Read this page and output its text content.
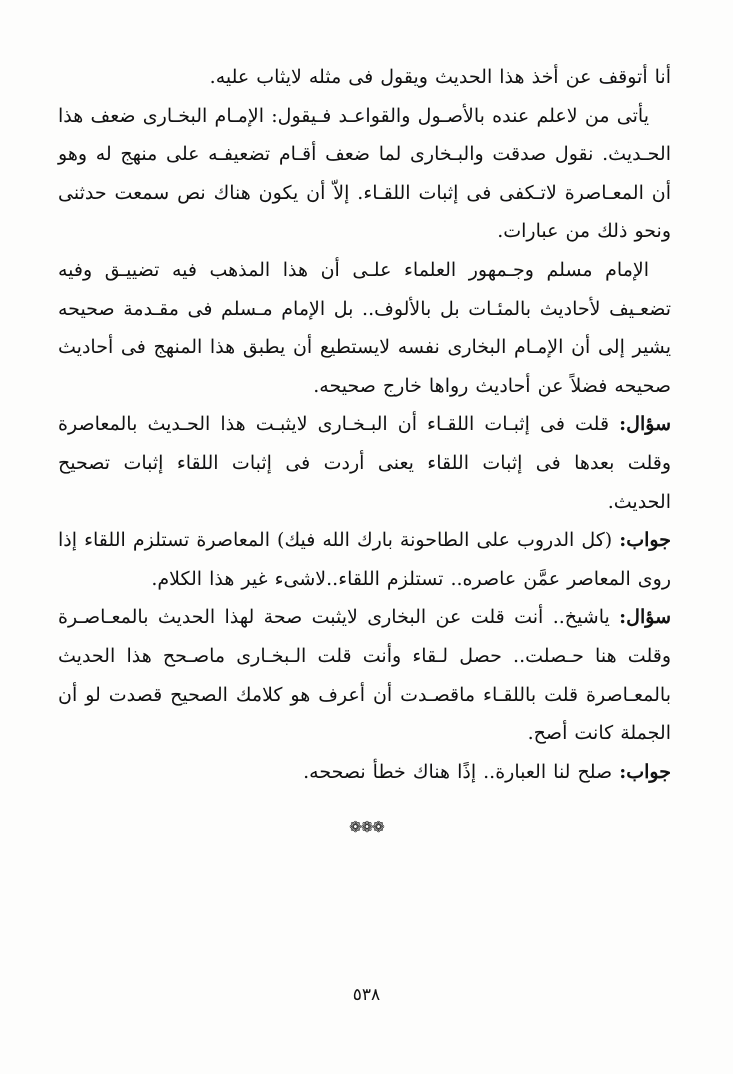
أنا أتوقف عن أخذ هذا الحديث ويقول فى مثله لايثاب عليه.

يأتى من لاعلم عنده بالأصـول والقواعـد فـيقول: الإمـام البخـارى ضعف هذا الحـديث. نقول صدقت والبـخارى لما ضعف أقـام تضعيفـه على منهج له وهو أن المعـاصرة لاتـكفى فى إثبات اللقـاء. إلاّ أن يكون هناك نص سمعت حدثنى ونحو ذلك من عبارات.

الإمام مسلم وجـمهور العلماء علـى أن هذا المذهب فيه تضييـق وفيه تضعـيف لأحاديث بالمئـات بل بالألوف.. بل الإمام مـسلم فى مقـدمة صحيحه يشير إلى أن الإمـام البخارى نفسه لايستطيع أن يطبق هذا المنهج فى أحاديث صحيحه فضلاً عن أحاديث رواها خارج صحيحه.

سؤال: قلت فى إثبـات اللقـاء أن البـخـارى لايثبـت هذا الحـديث بالمعاصرة وقلت بعدها فى إثبات اللقاء يعنى أردت فى إثبات اللقاء إثبات تصحيح الحديث.

جواب: (كل الدروب على الطاحونة بارك الله فيك) المعاصرة تستلزم اللقاء إذا روى المعاصر عمَّن عاصره.. تستلزم اللقاء..لاشىء غير هذا الكلام.

سؤال: ياشيخ.. أنت قلت عن البخارى لايثبت صحة لهذا الحديث بالمعـاصـرة وقلت هنا حـصلت.. حصل لـقاء وأنت قلت الـبخـارى ماصـحح هذا الحديث بالمعـاصرة قلت باللقـاء ماقصـدت أن أعرف هو كلامك الصحيح قصدت لو أن الجملة كانت أصح.

جواب: صلح لنا العبارة.. إذًا هناك خطأ نصححه.

❁❁❁
٥٣٨
